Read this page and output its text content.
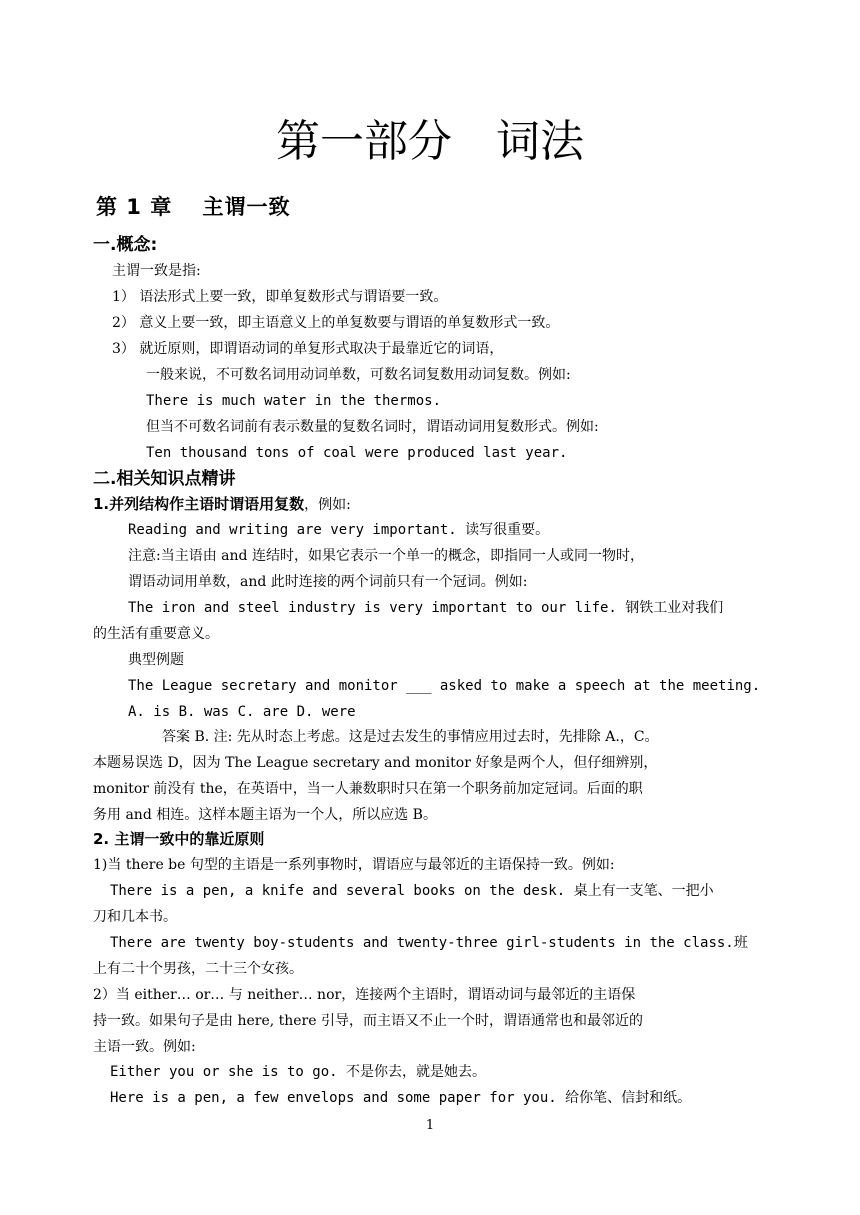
第一部分　词法
第 1 章　 主谓一致
一.概念:
主谓一致是指:
1） 语法形式上要一致，即单复数形式与谓语要一致。
2） 意义上要一致，即主语意义上的单复数要与谓语的单复数形式一致。
3） 就近原则，即谓语动词的单复形式取决于最靠近它的词语，
一般来说，不可数名词用动词单数，可数名词复数用动词复数。例如:
There is much water in the thermos.
但当不可数名词前有表示数量的复数名词时，谓语动词用复数形式。例如:
Ten thousand tons of coal were produced last year.
二.相关知识点精讲
1.并列结构作主语时谓语用复数，例如:
Reading and writing are very important. 读写很重要。
注意:当主语由 and 连结时，如果它表示一个单一的概念，即指同一人或同一物时，
谓语动词用单数，and 此时连接的两个词前只有一个冠词。例如:
The iron and steel industry is very important to our life. 钢铁工业对我们
的生活有重要意义。
典型例题
The League secretary and monitor ___ asked to make a speech at the meeting.
A. is B. was C. are D. were
答案 B. 注: 先从时态上考虑。这是过去发生的事情应用过去时，先排除 A.，C。
本题易误选 D，因为 The League secretary and monitor 好象是两个人，但仔细辨别，
monitor 前没有 the，在英语中，当一人兼数职时只在第一个职务前加定冠词。后面的职
务用 and 相连。这样本题主语为一个人，所以应选 B。
2. 主谓一致中的靠近原则
1)当 there be 句型的主语是一系列事物时，谓语应与最邻近的主语保持一致。例如:
There is a pen, a knife and several books on the desk. 桌上有一支笔、一把小
刀和几本书。
There are twenty boy-students and twenty-three girl-students in the class.班
上有二十个男孩，二十三个女孩。
2）当 either… or… 与 neither… nor，连接两个主语时，谓语动词与最邻近的主语保
持一致。如果句子是由 here, there 引导，而主语又不止一个时，谓语通常也和最邻近的
主语一致。例如:
Either you or she is to go. 不是你去，就是她去。
Here is a pen, a few envelops and some paper for you. 给你笔、信封和纸。
1
